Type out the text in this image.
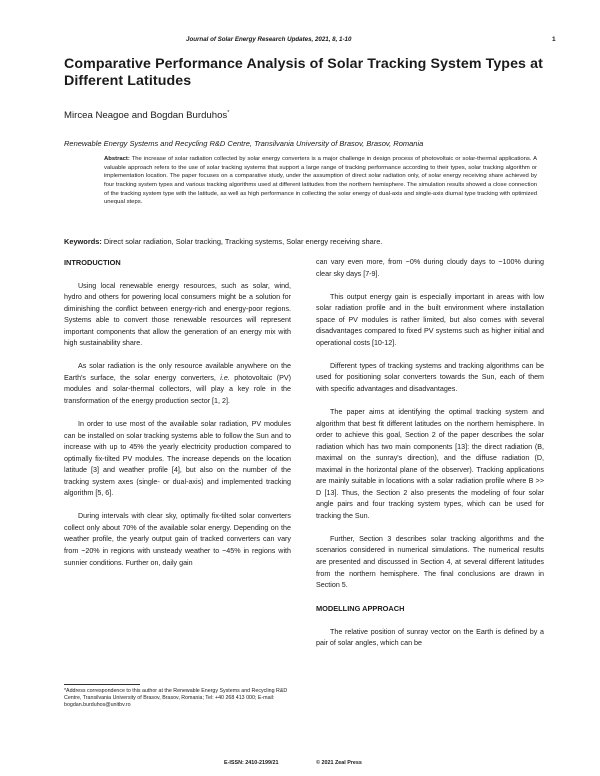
Journal of Solar Energy Research Updates, 2021, 8, 1-10	1
Comparative Performance Analysis of Solar Tracking System Types at Different Latitudes
Mircea Neagoe and Bogdan Burduhos*
Renewable Energy Systems and Recycling R&D Centre, Transilvania University of Brasov, Brasov, Romania
Abstract: The increase of solar radiation collected by solar energy converters is a major challenge in design process of photovoltaic or solar-thermal applications. A valuable approach refers to the use of solar tracking systems that support a large range of tracking performance according to their types, solar tracking algorithm or implementation location. The paper focuses on a comparative study, under the assumption of direct solar radiation only, of solar energy receiving share achieved by four tracking system types and various tracking algorithms used at different latitudes from the northern hemisphere. The simulation results showed a close connection of the tracking system type with the latitude, as well as high performance in collecting the solar energy of dual-axis and single-axis diurnal type tracking with optimized unequal steps.
Keywords: Direct solar radiation, Solar tracking, Tracking systems, Solar energy receiving share.
INTRODUCTION

Using local renewable energy resources, such as solar, wind, hydro and others for powering local consumers might be a solution for diminishing the conflict between energy-rich and energy-poor regions. Systems able to convert those renewable resources will represent important components that allow the generation of an energy mix with high sustainability share.

As solar radiation is the only resource available anywhere on the Earth's surface, the solar energy converters, i.e. photovoltaic (PV) modules and solar-thermal collectors, will play a key role in the transformation of the energy production sector [1, 2].

In order to use most of the available solar radiation, PV modules can be installed on solar tracking systems able to follow the Sun and to increase with up to 45% the yearly electricity production compared to optimally fix-tilted PV modules. The increase depends on the location latitude [3] and weather profile [4], but also on the number of the tracking system axes (single- or dual-axis) and implemented tracking algorithm [5, 6].

During intervals with clear sky, optimally fix-tilted solar converters collect only about 70% of the available solar energy. Depending on the weather profile, the yearly output gain of tracked converters can vary from ~20% in regions with unsteady weather to ~45% in regions with sunnier conditions. Further on, daily gain

can vary even more, from ~0% during cloudy days to ~100% during clear sky days [7-9].

This output energy gain is especially important in areas with low solar radiation profile and in the built environment where installation space of PV modules is rather limited, but also comes with several disadvantages compared to fixed PV systems such as higher initial and operational costs [10-12].

Different types of tracking systems and tracking algorithms can be used for positioning solar converters towards the Sun, each of them with specific advantages and disadvantages.

The paper aims at identifying the optimal tracking system and algorithm that best fit different latitudes on the northern hemisphere. In order to achieve this goal, Section 2 of the paper describes the solar radiation which has two main components [13]: the direct radiation (B, maximal on the sunray's direction), and the diffuse radiation (D, maximal in the horizontal plane of the observer). Tracking applications are mainly suitable in locations with a solar radiation profile where B >> D [13]. Thus, the Section 2 also presents the modeling of four solar angle pairs and four tracking system types, which can be used for tracking the Sun.

Further, Section 3 describes solar tracking algorithms and the scenarios considered in numerical simulations. The numerical results are presented and discussed in Section 4, at several different latitudes from the northern hemisphere. The final conclusions are drawn in Section 5.

MODELLING APPROACH

The relative position of sunray vector on the Earth is defined by a pair of solar angles, which can be

*Address correspondence to this author at the Renewable Energy Systems and Recycling R&D Centre, Transilvania University of Brasov, Brasov, Romania; Tel: +40 268 413 000; E-mail: bogdan.burduhos@unitbv.ro
E-ISSN: 2410-2199/21	© 2021 Zeal Press
